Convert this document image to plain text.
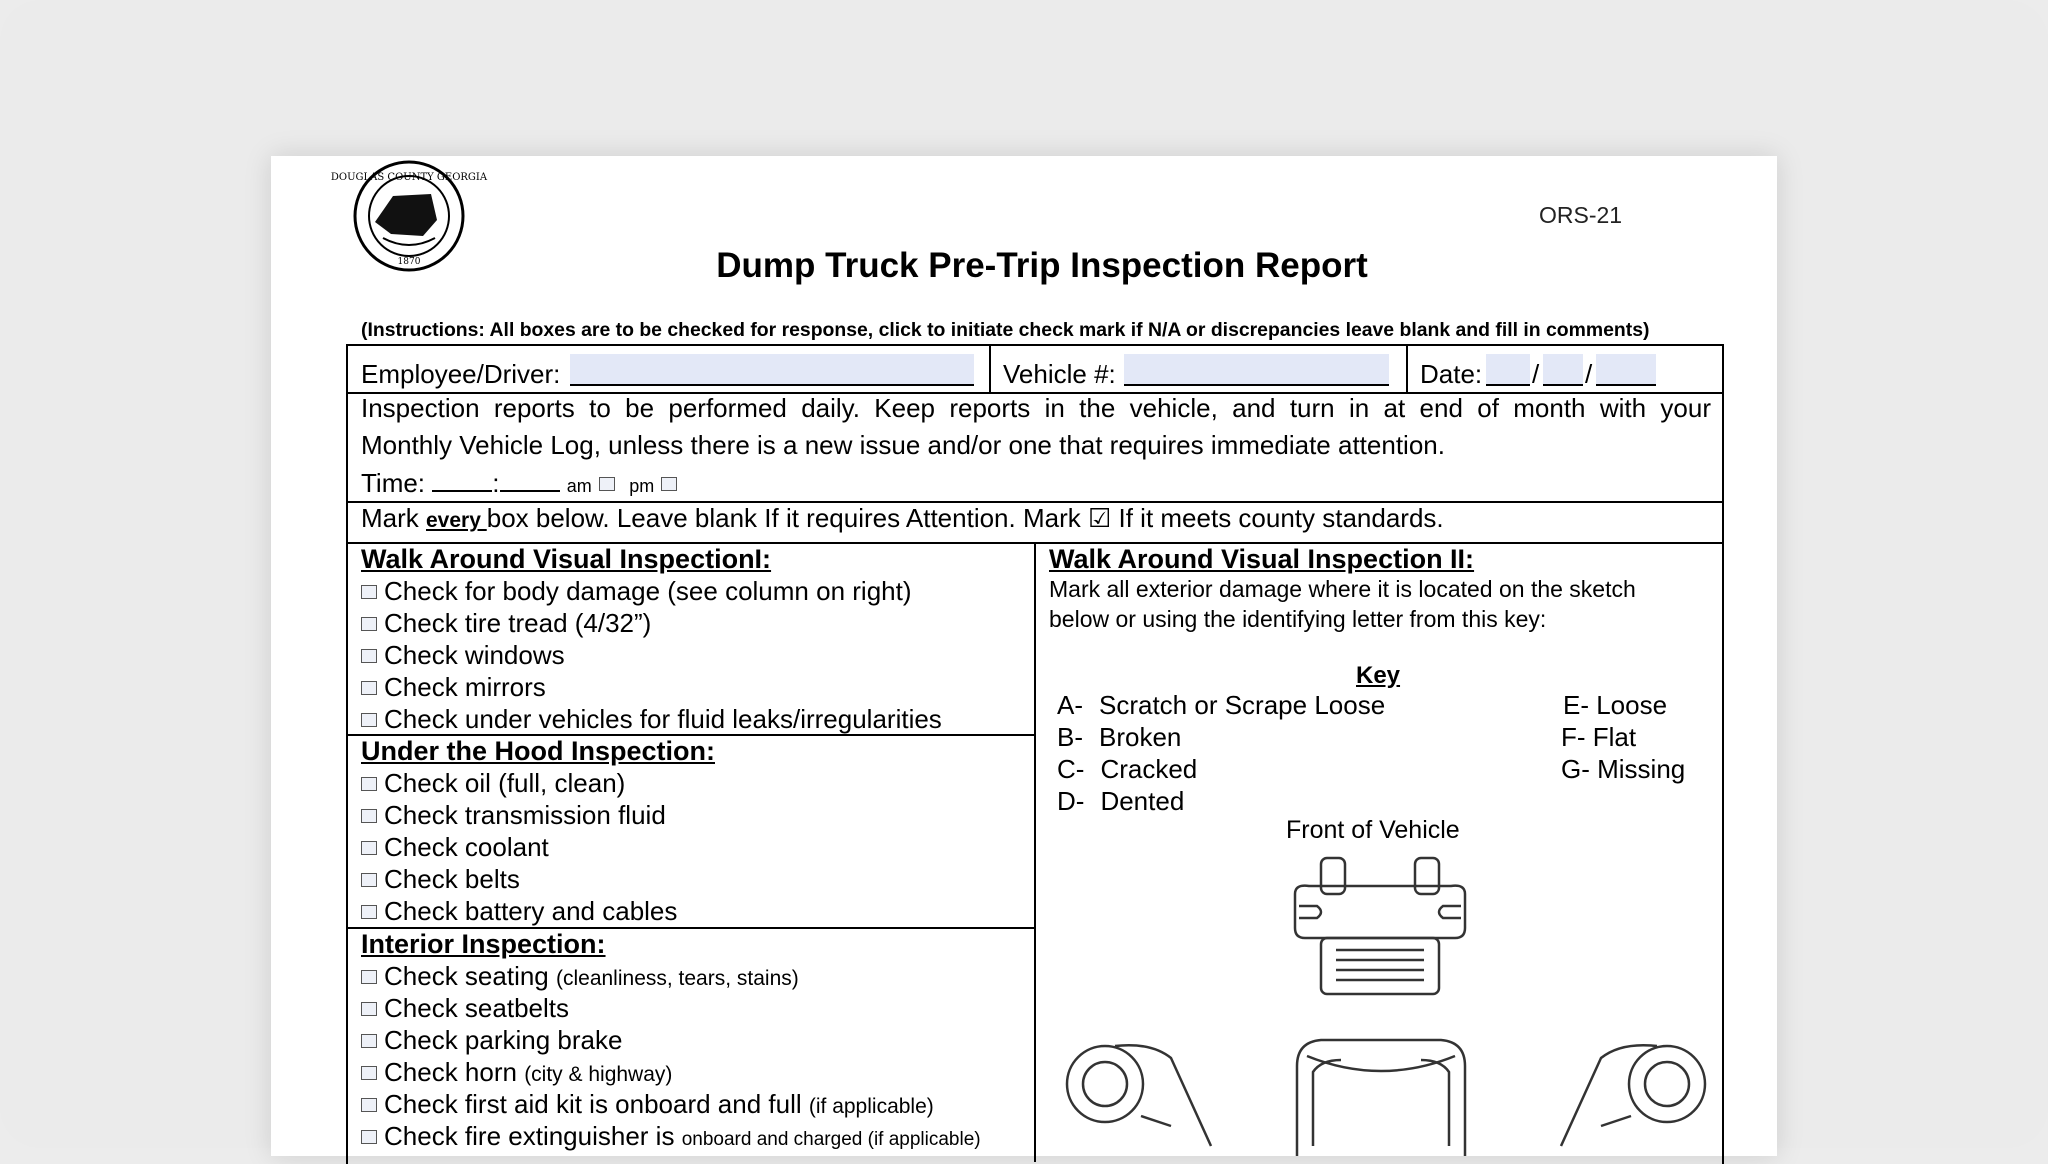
DOUGLAS COUNTY GEORGIA
1870
ORS-21
Dump Truck Pre-Trip Inspection Report
(Instructions: All boxes are to be checked for response, click to initiate check mark if N/A or discrepancies leave blank and fill in comments)
Employee/Driver:	Vehicle #:	Date: / /
Inspection reports to be performed daily. Keep reports in the vehicle, and turn in at end of month with your
Monthly Vehicle Log, unless there is a new issue and/or one that requires immediate attention.
Time:	:	am pm
Mark every box below. Leave blank If it requires Attention. Mark ☑ If it meets county standards.
Walk Around Visual InspectionI:
Check for body damage (see column on right)
Check tire tread (4/32”)
Check windows
Check mirrors
Check under vehicles for fluid leaks/irregularities
Under the Hood Inspection:
Check oil (full, clean)
Check transmission fluid
Check coolant
Check belts
Check battery and cables
Interior Inspection:
Check seating (cleanliness, tears, stains)
Check seatbelts
Check parking brake
Check horn (city & highway)
Check first aid kit is onboard and full (if applicable)
Check fire extinguisher is onboard and charged (if applicable)
Walk Around Visual Inspection II:
Mark all exterior damage where it is located on the sketch
below or using the identifying letter from this key:
Key
A- Scratch or Scrape Loose
B- Broken
C- Cracked
D- Dented
E- Loose
F- Flat
G- Missing
Front of Vehicle
